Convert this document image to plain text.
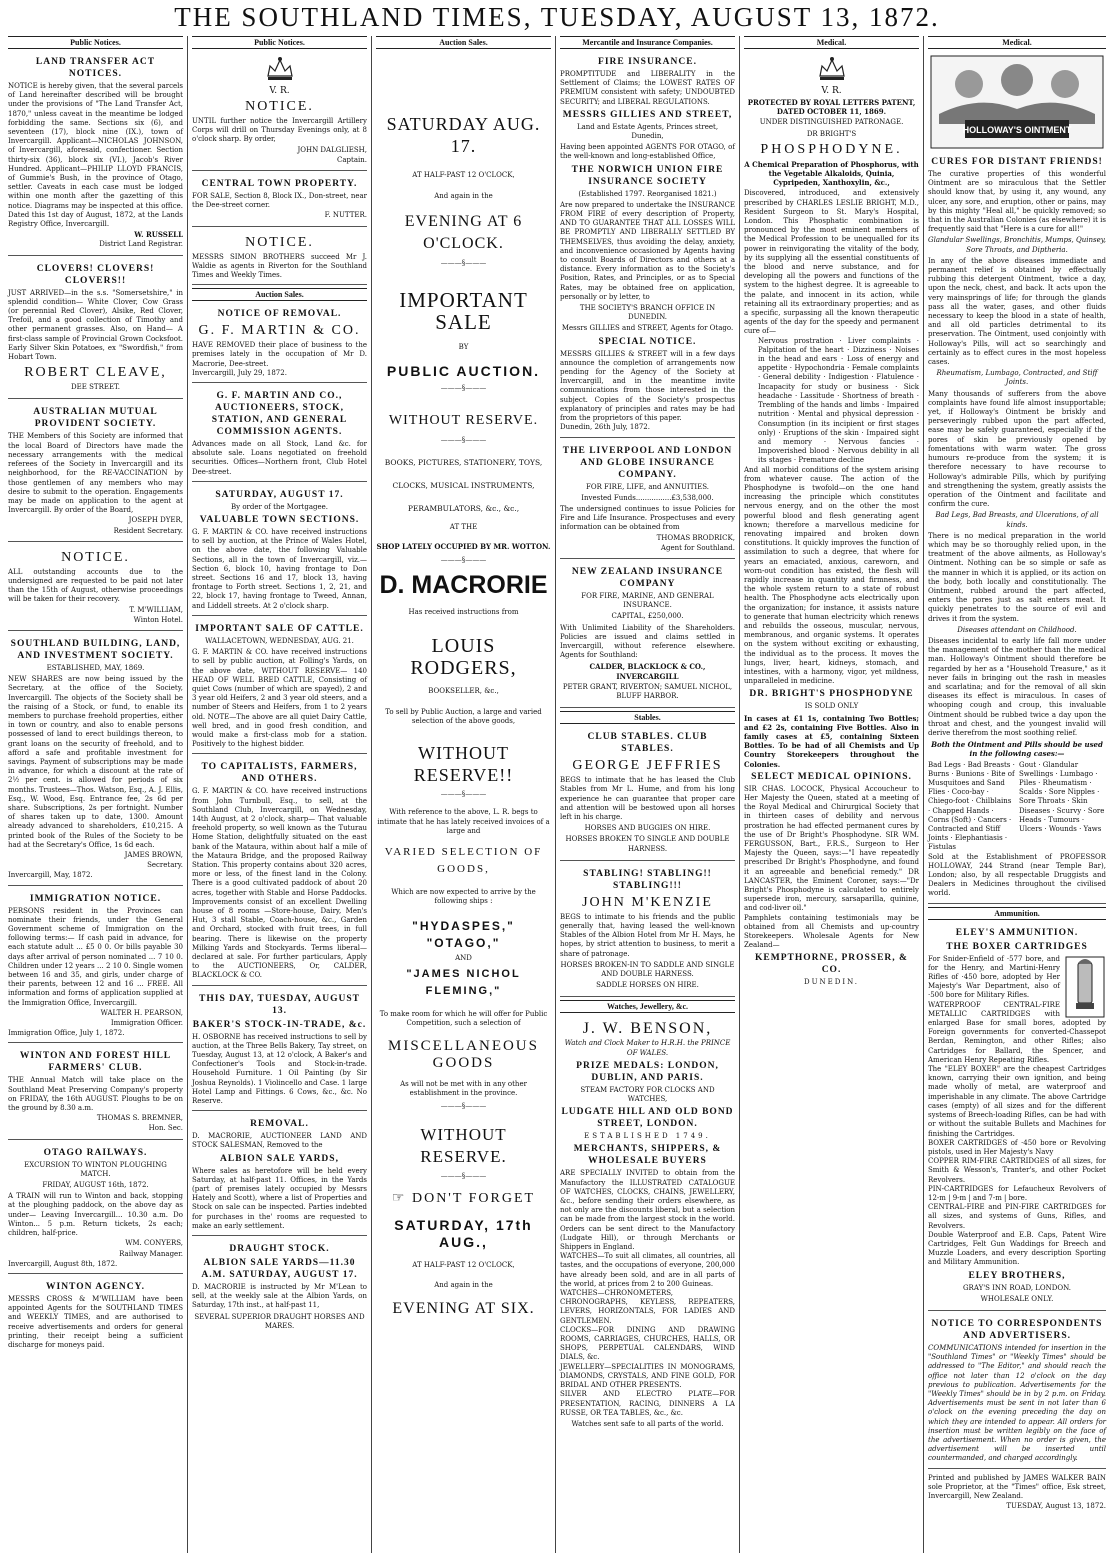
THE SOUTHLAND TIMES, TUESDAY, AUGUST 13, 1872.
Public Notices.
LAND TRANSFER ACT NOTICES.

NOTICE is hereby given, that the several parcels of Land hereinafter described will be brought under the provisions of "The Land Transfer Act, 1870," unless caveat in the meantime be lodged forbidding the same. Sections six (6), and seventeen (17), block nine (IX.), town of Invercargill. Applicant—NICHOLAS JOHNSON, of Invercargill, aforesaid, confectioner. Section thirty-six (36), block six (VI.), Jacob's River Hundred. Applicant—PHILIP LLOYD FRANCIS, of Gummie's Bush, in the province of Otago, settler. Caveats in each case must be lodged within one month after the gazetting of this notice. Diagrams may be inspected at this office. Dated this 1st day of August, 1872, at the Lands Registry Office, Invercargill.

W. RUSSELL
District Land Registrar.
CLOVERS! CLOVERS! CLOVERS!!

JUST ARRIVED—in the s.s. "Somersetshire," in splendid condition— White Clover, Cow Grass (or perennial Red Clover), Alsike, Red Clover, Trefoil, and a good collection of Timothy and other permanent grasses. Also, on Hand— A first-class sample of Provincial Grown Cocksfoot. Early Silver Skin Potatoes, ex "Swordfish," from Hobart Town.

ROBERT CLEAVE,
DEE STREET.
AUSTRALIAN MUTUAL PROVIDENT SOCIETY.

THE Members of this Society are informed that the local Board of Directors have made the necessary arrangements with the medical referees of the Society in Invercargill and its neighborhood, for the RE-VACCINATION by those gentlemen of any members who may desire to submit to the operation. Engagements may be made on application to the agent at Invercargill. By order of the Board,

JOSEPH DYER,
Resident Secretary.
NOTICE.

ALL outstanding accounts due to the undersigned are requested to be paid not later than the 15th of August, otherwise proceedings will be taken for their recovery.

T. M'WILLIAM,
Winton Hotel.
SOUTHLAND BUILDING, LAND, AND INVESTMENT SOCIETY.
ESTABLISHED, MAY, 1869.

NEW SHARES are now being issued by the Secretary, at the office of the Society, Invercargill. The objects of the Society shall be the raising of a Stock, or fund, to enable its members to purchase freehold properties, either in town or country, and also to enable persons possessed of land to erect buildings thereon, to grant loans on the security of freehold, and to afford a safe and profitable investment for savings. Payment of subscriptions may be made in advance, for which a discount at the rate of 2½ per cent. is allowed for periods of six months. Trustees—Thos. Watson, Esq., A. J. Ellis, Esq., W. Wood, Esq. Entrance fee, 2s 6d per share. Subscriptions, 2s per fortnight. Number of shares taken up to date, 1300. Amount already advanced to shareholders, £10,215. A printed book of the Rules of the Society to be had at the Secretary's Office, 1s 6d each.

JAMES BROWN,
Secretary.

Invercargill, May, 1872.

IMMIGRATION NOTICE.

PERSONS resident in the Provinces can nominate their friends, under the General Government scheme of Immigration on the following terms:— If cash paid in advance, for each statute adult ... £5 0 0. Or bills payable 30 days after arrival of person nominated ... 7 10 0. Children under 12 years ... 2 10 0. Single women between 16 and 35, and girls, under charge of their parents, between 12 and 16 ... FREE. All information and forms of application supplied at the Immigration Office, Invercargill.

WALTER H. PEARSON,
Immigration Officer.

Immigration Office, July 1, 1872.

WINTON AND FOREST HILL FARMERS' CLUB.

THE Annual Match will take place on the Southland Meat Preserving Company's property on FRIDAY, the 16th AUGUST. Ploughs to be on the ground by 8.30 a.m.

THOMAS S. BREMNER,
Hon. Sec.
OTAGO RAILWAYS.
EXCURSION TO WINTON PLOUGHING MATCH.
FRIDAY, AUGUST 16th, 1872.

A TRAIN will run to Winton and back, stopping at the ploughing paddock, on the above day as under— Leaving Invercargill... 10.30 a.m. Do Winton... 5 p.m. Return tickets, 2s each; children, half-price.

WM. CONYERS,
Railway Manager.

Invercargill, August 8th, 1872.

WINTON AGENCY.

MESSRS CROSS & M'WILLIAM have been appointed Agents for the SOUTHLAND TIMES and WEEKLY TIMES, and are authorised to receive advertisements and orders for general printing, their receipt being a sufficient discharge for moneys paid.

Public Notices.
V. R.
NOTICE.

UNTIL further notice the Invercargill Artillery Corps will drill on Thursday Evenings only, at 8 o'clock sharp. By order,

JOHN DALGLIESH,
Captain.
CENTRAL TOWN PROPERTY.

FOR SALE, Section 8, Block IX., Don-street, near the Dee-street corner.

F. NUTTER.
NOTICE.

MESSRS SIMON BROTHERS succeed Mr J. Waldie as agents in Riverton for the Southland Times and Weekly Times.

Auction Sales.
NOTICE OF REMOVAL.
G. F. MARTIN & CO.

HAVE REMOVED their place of business to the premises lately in the occupation of Mr D. Macrorie, Dee-street.

Invercargill, July 29, 1872.

G. F. MARTIN AND CO., AUCTIONEERS, STOCK, STATION, AND GENERAL COMMISSION AGENTS.

Advances made on all Stock, Land &c. for absolute sale. Loans negotiated on freehold securities. Offices—Northern front, Club Hotel Dee-street.

SATURDAY, AUGUST 17.
By order of the Mortgagee.
VALUABLE TOWN SECTIONS.

G. F. MARTIN & CO. have received instructions to sell by auction, at the Prince of Wales Hotel, on the above date, the following Valuable Sections, all in the town of Invercargill, viz.— Section 6, block 10, having frontage to Don street. Sections 16 and 17, block 13, having frontage to Forth street. Sections 1, 2, 21, and 22, block 17, having frontage to Tweed, Annan, and Liddell streets. At 2 o'clock sharp.

IMPORTANT SALE OF CATTLE.
WALLACETOWN, WEDNESDAY, AUG. 21.

G. F. MARTIN & CO. have received instructions to sell by public auction, at Folling's Yards, on the above date, WITHOUT RESERVE— 140 HEAD OF WELL BRED CATTLE, Consisting of quiet Cows (number of which are spayed), 2 and 3 year old Heifers, 2 and 3 year old steers, and a number of Steers and Heifers, from 1 to 2 years old. NOTE—The above are all quiet Dairy Cattle, well bred, and in good fresh condition, and would make a first-class mob for a station. Positively to the highest bidder.

TO CAPITALISTS, FARMERS, AND OTHERS.

G. F. MARTIN & CO. have received instructions from John Turnbull, Esq., to sell, at the Southland Club, Invercargill, on Wednesday, 14th August, at 2 o'clock, sharp— That valuable freehold property, so well known as the Tuturau Home Station, delightfully situated on the east bank of the Mataura, within about half a mile of the Mataura Bridge, and the proposed Railway Station. This property contains about 320 acres, more or less, of the finest land in the Colony. There is a good cultivated paddock of about 20 acres, together with Stable and Horse Paddocks. Improvements consist of an excellent Dwelling house of 8 rooms —Store-house, Dairy, Men's Hut, 3 stall Stable, Coach-house, &c., Garden and Orchard, stocked with fruit trees, in full bearing. There is likewise on the property Milking Yards and Stockyards. Terms liberal—declared at sale. For further particulars, Apply to the AUCTIONEERS, Or, CALDER, BLACKLOCK & CO.

THIS DAY, TUESDAY, AUGUST 13.
BAKER'S STOCK-IN-TRADE, &c.

H. OSBORNE has received instructions to sell by auction, at the Three Bells Bakery, Tay street, on Tuesday, August 13, at 12 o'clock, A Baker's and Confectioner's Tools and Stock-in-trade. Household Furniture. 1 Oil Painting (by Sir Joshua Reynolds). 1 Violincello and Case. 1 large Hotel Lamp and Fittings. 6 Cows, &c., &c. No Reserve.

REMOVAL.

D. MACRORIE, AUCTIONEER LAND AND STOCK SALESMAN, Removed to the

ALBION SALE YARDS,

Where sales as heretofore will be held every Saturday, at half-past 11. Offices, in the Yards (part of premises lately occupied by Messrs Hately and Scott), where a list of Properties and Stock on sale can be inspected. Parties indebted for purchases in the' rooms are requested to make an early settlement.

DRAUGHT STOCK.
ALBION SALE YARDS—11.30 A.M. SATURDAY, AUGUST 17.

D. MACRORIE is instructed by Mr M'Lean to sell, at the weekly sale at the Albion Yards, on Saturday, 17th inst., at half-past 11,

SEVERAL SUPERIOR DRAUGHT HORSES AND MARES.
Auction Sales.
SATURDAY AUG. 17.
AT HALF-PAST 12 O'CLOCK,
And again in the
EVENING AT 6 O'CLOCK.
———§———
IMPORTANT SALE
BY
PUBLIC AUCTION.
———§———
WITHOUT RESERVE.
———§———
BOOKS, PICTURES, STATIONERY, TOYS,
CLOCKS, MUSICAL INSTRUMENTS,
PERAMBULATORS, &c., &c.,
AT THE
SHOP LATELY OCCUPIED BY MR. WOTTON.
———§———
D. MACRORIE
Has received instructions from
LOUIS RODGERS,
BOOKSELLER, &c.,
To sell by Public Auction, a large and varied selection of the above goods,
WITHOUT RESERVE!!
———§———
With reference to the above, L. R. begs to intimate that he has lately received invoices of a large and
VARIED SELECTION OF GOODS,
Which are now expected to arrive by the following ships :
"HYDASPES," "OTAGO,"
AND
"JAMES NICHOL FLEMING,"
To make room for which he will offer for Public Competition, such a selection of
MISCELLANEOUS GOODS
As will not be met with in any other establishment in the province.
———§———
WITHOUT RESERVE.
———§———
☞ DON'T FORGET
SATURDAY, 17th AUG.,
AT HALF-PAST 12 O'CLOCK,
And again in the
EVENING AT SIX.
Mercantile and Insurance Companies.
FIRE INSURANCE.

PROMPTITUDE and LIBERALITY in the Settlement of Claims; the LOWEST RATES OF PREMIUM consistent with safety; UNDOUBTED SECURITY; and LIBERAL REGULATIONS.

MESSRS GILLIES AND STREET,
Land and Estate Agents, Princes street, Dunedin,

Having been appointed AGENTS FOR OTAGO, of the well-known and long-established Office,

THE NORWICH UNION FIRE INSURANCE SOCIETY
(Established 1797. Reorganised 1821.)

Are now prepared to undertake the INSURANCE FROM FIRE of every description of Property, AND TO GUARANTEE THAT ALL LOSSES WILL BE PROMPTLY AND LIBERALLY SETTLED BY THEMSELVES, thus avoiding the delay, anxiety, and inconvenience occasioned by Agents having to consult Boards of Directors and others at a distance. Every information as to the Society's Position, Rates, and Principles, or as to Special Rates, may be obtained free on application, personally or by letter, to

THE SOCIETY'S BRANCH OFFICE IN DUNEDIN.
Messrs GILLIES and STREET, Agents for Otago.
SPECIAL NOTICE.

MESSRS GILLIES & STREET will in a few days announce the completion of arrangements now pending for the Agency of the Society at Invercargill, and in the meantime invite communications from those interested in the subject. Copies of the Society's prospectus explanatory of principles and rates may be had from the proprietors of this paper.

Dunedin, 26th July, 1872.

THE LIVERPOOL AND LONDON AND GLOBE INSURANCE COMPANY.
FOR FIRE, LIFE, and ANNUITIES.
Invested Funds................£3,538,000.

The undersigned continues to issue Policies for Fire and Life Insurance. Prospectuses and every information can be obtained from

THOMAS BRODRICK,
Agent for Southland.
NEW ZEALAND INSURANCE COMPANY
FOR FIRE, MARINE, AND GENERAL INSURANCE.
CAPITAL, £250,000.

With Unlimited Liability of the Shareholders. Policies are issued and claims settled in Invercargill, without reference elsewhere. Agents for Southland:

CALDER, BLACKLOCK & CO., INVERCARGILL
PETER GRANT, RIVERTON; SAMUEL NICHOL, BLUFF HARBOR.
Stables.
CLUB STABLES. CLUB STABLES.
GEORGE JEFFRIES

BEGS to intimate that he has leased the Club Stables from Mr L. Hume, and from his long experience he can guarantee that proper care and attention will be bestowed upon all horses left in his charge.

HORSES AND BUGGIES ON HIRE.
HORSES BROKEN TO SINGLE AND DOUBLE HARNESS.
STABLING! STABLING!! STABLING!!!
JOHN M'KENZIE

BEGS to intimate to his friends and the public generally that, having leased the well-known Stables of the Albion Hotel from Mr H. Mays, he hopes, by strict attention to business, to merit a share of patronage.

HORSES BROKEN-IN TO SADDLE AND SINGLE AND DOUBLE HARNESS.
SADDLE HORSES ON HIRE.
Watches, Jewellery, &c.
J. W. BENSON,
Watch and Clock Maker to H.R.H. the PRINCE OF WALES.
PRIZE MEDALS: LONDON, DUBLIN, AND PARIS.
STEAM FACTORY FOR CLOCKS AND WATCHES,
LUDGATE HILL AND OLD BOND STREET, LONDON.
ESTABLISHED 1749.
MERCHANTS, SHIPPERS, & WHOLESALE BUYERS

ARE SPECIALLY INVITED to obtain from the Manufactory the ILLUSTRATED CATALOGUE OF WATCHES, CLOCKS, CHAINS, JEWELLERY, &c., before sending their orders elsewhere, as not only are the discounts liberal, but a selection can be made from the largest stock in the world. Orders can be sent direct to the Manufactory (Ludgate Hill), or through Merchants or Shippers in England.

WATCHES—To suit all climates, all countries, all tastes, and the occupations of everyone, 200,000 have already been sold, and are in all parts of the world, at prices from 2 to 200 Guineas.

WATCHES—CHRONOMETERS, CHRONOGRAPHS, KEYLESS, REPEATERS, LEVERS, HORIZONTALS, FOR LADIES AND GENTLEMEN.

CLOCKS—FOR DINING AND DRAWING ROOMS, CARRIAGES, CHURCHES, HALLS, OR SHOPS, PERPETUAL CALENDARS, WIND DIALS, &c.

JEWELLERY—SPECIALITIES IN MONOGRAMS, DIAMONDS, CRYSTALS, AND FINE GOLD, FOR BRIDAL AND OTHER PRESENTS.

SILVER AND ELECTRO PLATE—FOR PRESENTATION, RACING, DINNERS A LA RUSSE, OR TEA TABLES, &c., &c.

Watches sent safe to all parts of the world.
Medical.
V. R.
PROTECTED BY ROYAL LETTERS PATENT, DATED OCTOBER 11, 1869.
UNDER DISTINGUISHED PATRONAGE.
DR BRIGHT'S
PHOSPHODYNE.
A Chemical Preparation of Phosphorus, with the Vegetable Alkaloids, Quinia, Cypripeden, Xanthoxylin, &c.,

Discovered, introduced, and extensively prescribed by CHARLES LESLIE BRIGHT, M.D., Resident Surgeon to St. Mary's Hospital, London. This Phosphatic combination is pronounced by the most eminent members of the Medical Profession to be unequalled for its power in reinvigorating the vitality of the body, by its supplying all the essential constituents of the blood and nerve substance, and for developing all the powers and functions of the system to the highest degree. It is agreeable to the palate, and innocent in its action, while retaining all its extraordinary properties; and as a specific, surpassing all the known therapeutic agents of the day for the speedy and permanent cure of—

Nervous prostration · Liver complaints · Palpitation of the heart · Dizziness · Noises in the head and ears · Loss of energy and appetite · Hypochondria · Female complaints · General debility · Indigestion · Flatulence · Incapacity for study or business · Sick headache · Lassitude · Shortness of breath · Trembling of the hands and limbs · Impaired nutrition · Mental and physical depression · Consumption (in its incipient or first stages only) · Eruptions of the skin · Impaired sight and memory · Nervous fancies · Impoverished blood · Nervous debility in all its stages · Premature decline

And all morbid conditions of the system arising from whatever cause. The action of the Phosphodyne is twofold—on the one hand increasing the principle which constitutes nervous energy, and on the other the most powerful blood and flesh generating agent known; therefore a marvellous medicine for renovating impaired and broken down constitutions. It quickly improves the function of assimilation to such a degree, that where for years an emaciated, anxious, careworn, and worn-out condition has existed, the flesh will rapidly increase in quantity and firmness, and the whole system return to a state of robust health. The Phosphodyne acts electrically upon the organization; for instance, it assists nature to generate that human electricity which renews and rebuilds the osseous, muscular, nervous, membranous, and organic systems. It operates on the system without exciting or exhausting, the individual as to the process. It moves the lungs, liver, heart, kidneys, stomach, and intestines, with a harmony, vigor, yet mildness, unparalleled in medicine.

DR. BRIGHT'S PHOSPHODYNE
IS SOLD ONLY

In cases at £1 1s, containing Two Bottles; and £2 2s, containing Five Bottles. Also in family cases at £5, containing Sixteen Bottles. To be had of all Chemists and Up Country Storekeepers throughout the Colonies.

SELECT MEDICAL OPINIONS.

SIR CHAS. LOCOCK, Physical Accoucheur to Her Majesty the Queen, stated at a meeting of the Royal Medical and Chirurgical Society that in thirteen cases of debility and nervous prostration he had effected permanent cures by the use of Dr Bright's Phosphodyne. SIR WM. FERGUSSON, Bart., F.R.S., Surgeon to Her Majesty the Queen, says:—"I have repeatedly prescribed Dr Bright's Phosphodyne, and found it an agreeable and beneficial remedy." DR LANCASTER, the Eminent Coroner, says:—"Dr Bright's Phosphodyne is calculated to entirely supersede iron, mercury, sarsaparilla, quinine, and cod-liver oil."

Pamphlets containing testimonials may be obtained from all Chemists and up-country Storekeepers. Wholesale Agents for New Zealand—

KEMPTHORNE, PROSSER, & CO.
DUNEDIN.
Medical.
HOLLOWAY'S OINTMENT
CURES FOR DISTANT FRIENDS!

The curative properties of this wonderful Ointment are so miraculous that the Settler should know that, by using it, any wound, any ulcer, any sore, and eruption, other or pains, may by this mighty "Heal all," be quickly removed; so that in the Australian Colonies (as elsewhere) it is frequently said that "Here is a cure for all!"

Glandular Swellings, Bronchitis, Mumps, Quinsey, Sore Throats, and Diptheria.

In any of the above diseases immediate and permanent relief is obtained by effectually rubbing this detergent Ointment, twice a day, upon the neck, chest, and back. It acts upon the very mainsprings of life; for through the glands pass all the water, gases, and other fluids necessary to keep the blood in a state of health, and all old particles detrimental to its preservation. The Ointment, used conjointly with Holloway's Pills, will act so searchingly and certainly as to effect cures in the most hopeless cases.

Rheumatism, Lumbago, Contracted, and Stiff Joints.

Many thousands of sufferers from the above complaints have found life almost insupportable; yet, if Holloway's Ointment be briskly and perseveringly rubbed upon the part affected, ease may be safely guaranteed, especially if the pores of skin be previously opened by fomentations with warm water. The gross humours re-produce from the system; it is therefore necessary to have recourse to Holloway's admirable Pills, which by purifying and strengthening the system, greatly assists the operation of the Ointment and facilitate and confirm the cure.

Bad Legs, Bad Breasts, and Ulcerations, of all kinds.

There is no medical preparation in the world which may be so thoroughly relied upon, in the treatment of the above ailments, as Holloway's Ointment. Nothing can be so simple or safe as the manner in which it is applied, or its action on the body, both locally and constitutionally. The Ointment, rubbed around the part affected, enters the pores just as salt enters meat. It quickly penetrates to the source of evil and drives it from the system.

Diseases attendant on Childhood.

Diseases incidental to early life fall more under the management of the mother than the medical man. Holloway's Ointment should therefore be regarded by her as a "Household Treasure," as it never fails in bringing out the rash in measles and scarlatina; and for the removal of all skin diseases its effect is miraculous. In cases of whooping cough and croup, this invaluable Ointment should be rubbed twice a day upon the throat and chest, and the youngest invalid will derive therefrom the most soothing relief.

Both the Ointment and Pills should be used in the following cases:—

Bad Legs · Bad Breasts · Burns · Bunions · Bite of Musquitoes and Sand Flies · Coco-bay · Chiego-foot · Chilblains · Chapped Hands · Corns (Soft) · Cancers · Contracted and Stiff Joints · Elephantiasis · Fistulas

Gout · Glandular Swellings · Lumbago · Piles · Rheumatism · Scalds · Sore Nipples · Sore Throats · Skin Diseases · Scurvy · Sore Heads · Tumours · Ulcers · Wounds · Yaws

Sold at the Establishment of PROFESSOR HOLLOWAY, 244 Strand (near Temple Bar), London; also, by all respectable Druggists and Dealers in Medicines throughout the civilised world.

Ammunition.
ELEY'S AMMUNITION.
THE BOXER CARTRIDGES

For Snider-Enfield of ·577 bore, and for the Henry, and Martini-Henry Rifles of ·450 bore, adopted by Her Majesty's War Department, also of ·500 bore for Military Rifles.

WATERPROOF CENTRAL-FIRE METALLIC CARTRIDGES with enlarged Base for small bores, adopted by Foreign governments for converted-Chassepot Berdan, Remington, and other Rifles; also Cartridges for Ballard, the Spencer, and American Henry Repeating Rifles.

The "ELEY BOXER" are the cheapest Cartridges known, carrying their own ignition, and being made wholly of metal, are waterproof and imperishable in any climate. The above Cartridge cases (empty) of all sizes and for the different systems of Breech-loading Rifles, can be had with or without the suitable Bullets and Machines for finishing the Cartridges.

BOXER CARTRIDGES of ·450 bore or Revolving pistols, used in Her Majesty's Navy

COPPER RIM-FIRE CARTRIDGES of all sizes, for Smith & Wesson's, Tranter's, and other Pocket Revolvers.

PIN-CARTRIDGES for Lefaucheux Revolvers of 12-m | 9-m | and 7-m | bore.

CENTRAL-FIRE and PIN-FIRE CARTRIDGES for all sizes, and systems of Guns, Rifles, and Revolvers.

Double Waterproof and E.B. Caps, Patent Wire Cartridges, Felt Gun Waddings for Breech and Muzzle Loaders, and every description Sporting and Military Ammunition.

ELEY BROTHERS,
GRAY'S INN ROAD, LONDON.
WHOLESALE ONLY.
NOTICE TO CORRESPONDENTS AND ADVERTISERS.

COMMUNICATIONS intended for insertion in the "Southland Times" or "Weekly Times" should be addressed to "The Editor," and should reach the office not later than 12 o'clock on the day previous to publication. Advertisements for the "Weekly Times" should be in by 2 p.m. on Friday. Advertisements must be sent in not later than 6 o'clock on the evening preceding the day on which they are intended to appear. All orders for insertion must be written legibly on the face of the advertisement. When no order is given, the advertisement will be inserted until countermanded, and charged accordingly.

Printed and published by JAMES WALKER BAIN sole Proprietor, at the "Times" office, Esk street, Invercargill, New Zealand.

TUESDAY, August 13, 1872.
